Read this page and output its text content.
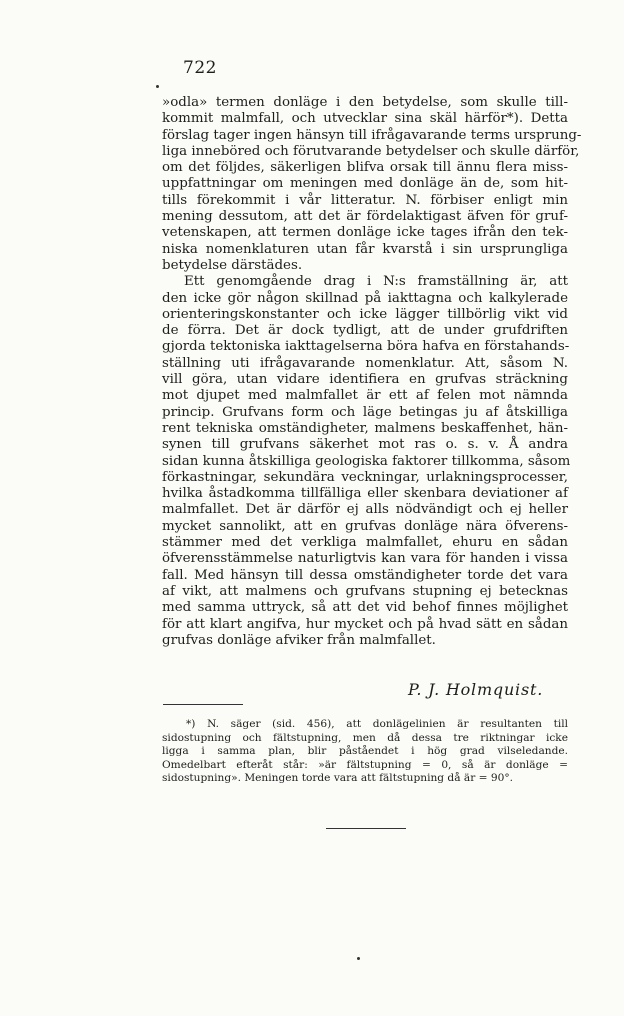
722
»odla» termen donläge i den betydelse, som skulle till-
kommit malmfall, och utvecklar sina skäl härför*). Detta
förslag tager ingen hänsyn till ifrågavarande terms ursprung-
liga inneböred och förutvarande betydelser och skulle därför,
om det följdes, säkerligen blifva orsak till ännu flera miss-
uppfattningar om meningen med donläge än de, som hit-
tills förekommit i vår litteratur. N. förbiser enligt min
mening dessutom, att det är fördelaktigast äfven för gruf-
vetenskapen, att termen donläge icke tages ifrån den tek-
niska nomenklaturen utan får kvarstå i sin ursprungliga
betydelse därstädes.
Ett genomgående drag i N:s framställning är, att
den icke gör någon skillnad på iakttagna och kalkylerade
orienteringskonstanter och icke lägger tillbörlig vikt vid
de förra. Det är dock tydligt, att de under grufdriften
gjorda tektoniska iakttagelserna böra hafva en förstahands-
ställning uti ifrågavarande nomenklatur. Att, såsom N.
vill göra, utan vidare identifiera en grufvas sträckning
mot djupet med malmfallet är ett af felen mot nämnda
princip. Grufvans form och läge betingas ju af åtskilliga
rent tekniska omständigheter, malmens beskaffenhet, hän-
synen till grufvans säkerhet mot ras o. s. v. Å andra
sidan kunna åtskilliga geologiska faktorer tillkomma, såsom
förkastningar, sekundära veckningar, urlakningsprocesser,
hvilka åstadkomma tillfälliga eller skenbara deviationer af
malmfallet. Det är därför ej alls nödvändigt och ej heller
mycket sannolikt, att en grufvas donläge nära öfverens-
stämmer med det verkliga malmfallet, ehuru en sådan
öfverensstämmelse naturligtvis kan vara för handen i vissa
fall. Med hänsyn till dessa omständigheter torde det vara
af vikt, att malmens och grufvans stupning ej betecknas
med samma uttryck, så att det vid behof finnes möjlighet
för att klart angifva, hur mycket och på hvad sätt en sådan
grufvas donläge afviker från malmfallet.
P. J. Holmquist.
*) N. säger (sid. 456), att donlägelinien är resultanten till
sidostupning och fältstupning, men då dessa tre riktningar icke
ligga i samma plan, blir påståendet i hög grad vilseledande.
Omedelbart efteråt står: »är fältstupning = 0, så är donläge =
sidostupning». Meningen torde vara att fältstupning då är = 90°.
